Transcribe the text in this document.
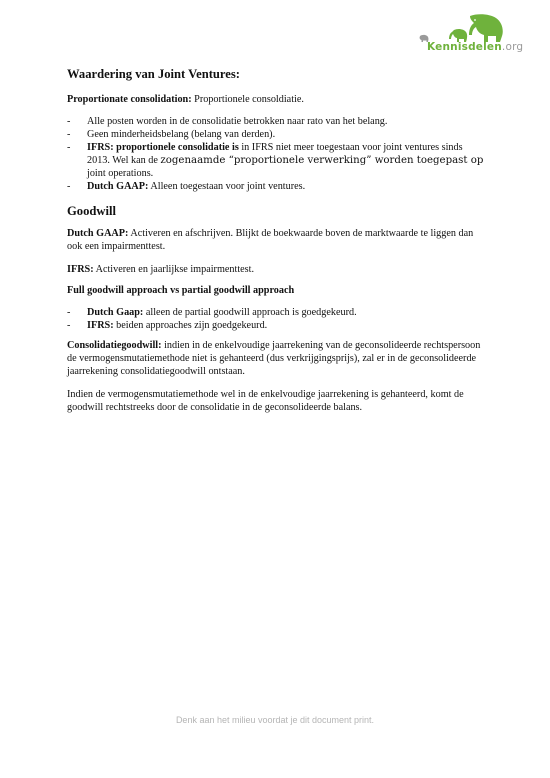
Kennisdelen.org
Waardering van Joint Ventures:

Proportionate consolidation: Proportionele consoldiatie.

- Alle posten worden in de consolidatie betrokken naar rato van het belang.
- Geen minderheidsbelang (belang van derden).
- IFRS: proportionele consolidatie is in IFRS niet meer toegestaan voor joint ventures sinds 2013. Wel kan de zogenaamde “proportionele verwerking” worden toegepast op joint operations.
- Dutch GAAP: Alleen toegestaan voor joint ventures.
Goodwill

Dutch GAAP: Activeren en afschrijven. Blijkt de boekwaarde boven de marktwaarde te liggen dan ook een impairmenttest.

IFRS: Activeren en jaarlijkse impairmenttest.

Full goodwill approach vs partial goodwill approach

- Dutch Gaap: alleen de partial goodwill approach is goedgekeurd.
- IFRS: beiden approaches zijn goedgekeurd.

Consolidatiegoodwill: indien in de enkelvoudige jaarrekening van de geconsolideerde rechtspersoon de vermogensmutatiemethode niet is gehanteerd (dus verkrijgingsprijs), zal er in de geconsolideerde jaarrekening consolidatiegoodwill ontstaan.

Indien de vermogensmutatiemethode wel in de enkelvoudige jaarrekening is gehanteerd, komt de goodwill rechtstreeks door de consolidatie in de geconsolideerde balans.

Denk aan het milieu voordat je dit document print.
